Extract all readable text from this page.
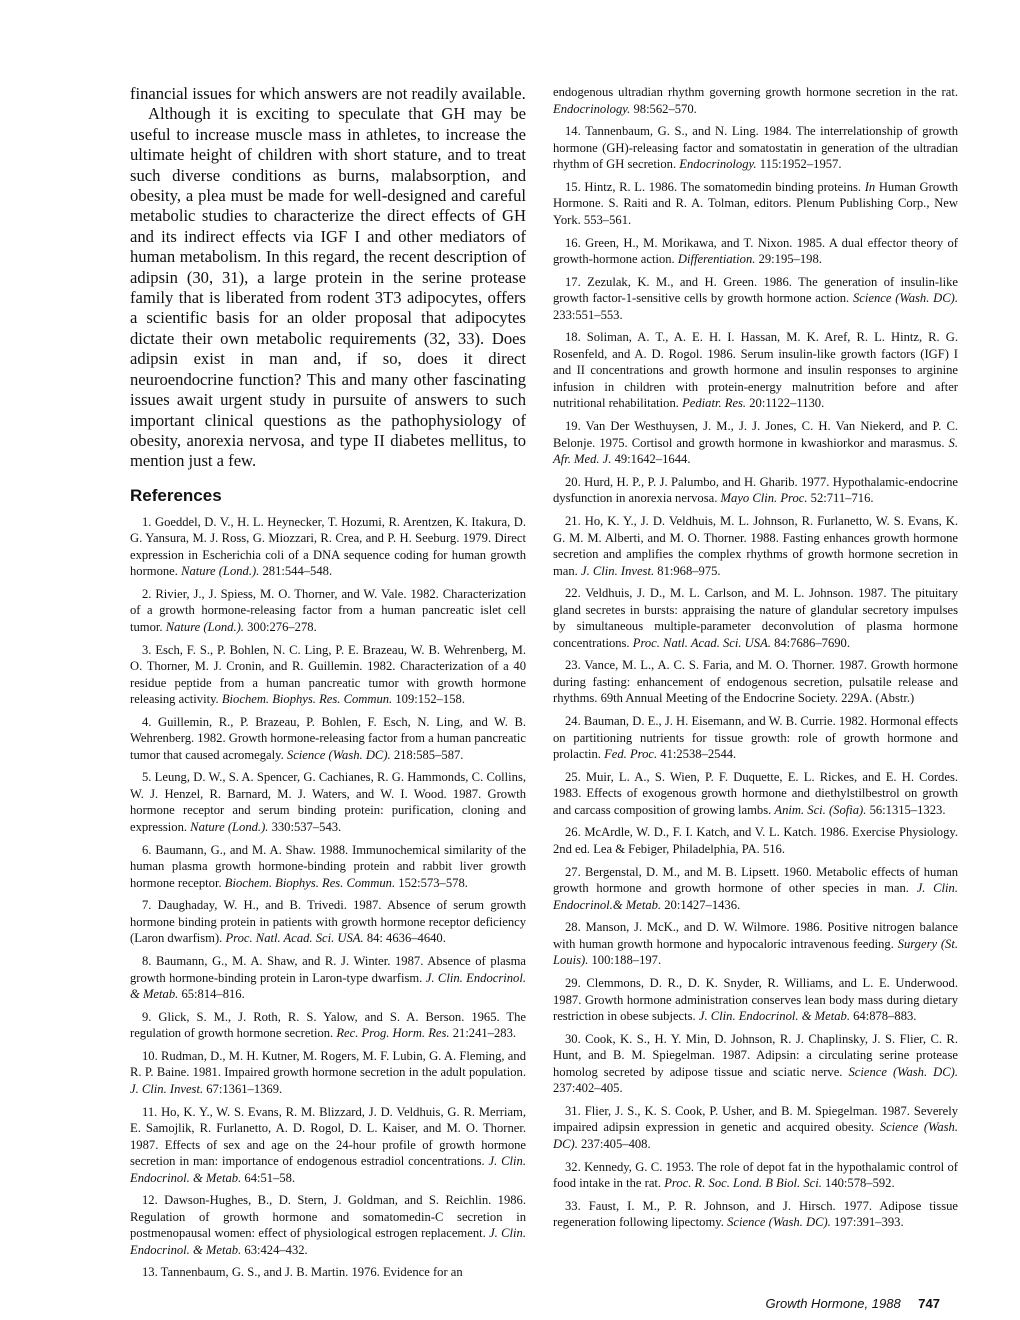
financial issues for which answers are not readily available.

Although it is exciting to speculate that GH may be useful to increase muscle mass in athletes, to increase the ultimate height of children with short stature, and to treat such diverse conditions as burns, malabsorption, and obesity, a plea must be made for well-designed and careful metabolic studies to characterize the direct effects of GH and its indirect effects via IGF I and other mediators of human metabolism. In this regard, the recent description of adipsin (30, 31), a large protein in the serine protease family that is liberated from rodent 3T3 adipocytes, offers a scientific basis for an older proposal that adipocytes dictate their own metabolic requirements (32, 33). Does adipsin exist in man and, if so, does it direct neuroendocrine function? This and many other fascinating issues await urgent study in pursuite of answers to such important clinical questions as the pathophysiology of obesity, anorexia nervosa, and type II diabetes mellitus, to mention just a few.

References

1. Goeddel, D. V., H. L. Heynecker, T. Hozumi, R. Arentzen, K. Itakura, D. G. Yansura, M. J. Ross, G. Miozzari, R. Crea, and P. H. Seeburg. 1979. Direct expression in Escherichia coli of a DNA sequence coding for human growth hormone. Nature (Lond.). 281:544–548.

2. Rivier, J., J. Spiess, M. O. Thorner, and W. Vale. 1982. Characterization of a growth hormone-releasing factor from a human pancreatic islet cell tumor. Nature (Lond.). 300:276–278.

3. Esch, F. S., P. Bohlen, N. C. Ling, P. E. Brazeau, W. B. Wehrenberg, M. O. Thorner, M. J. Cronin, and R. Guillemin. 1982. Characterization of a 40 residue peptide from a human pancreatic tumor with growth hormone releasing activity. Biochem. Biophys. Res. Commun. 109:152–158.

4. Guillemin, R., P. Brazeau, P. Bohlen, F. Esch, N. Ling, and W. B. Wehrenberg. 1982. Growth hormone-releasing factor from a human pancreatic tumor that caused acromegaly. Science (Wash. DC). 218:585–587.

5. Leung, D. W., S. A. Spencer, G. Cachianes, R. G. Hammonds, C. Collins, W. J. Henzel, R. Barnard, M. J. Waters, and W. I. Wood. 1987. Growth hormone receptor and serum binding protein: purification, cloning and expression. Nature (Lond.). 330:537–543.

6. Baumann, G., and M. A. Shaw. 1988. Immunochemical similarity of the human plasma growth hormone-binding protein and rabbit liver growth hormone receptor. Biochem. Biophys. Res. Commun. 152:573–578.

7. Daughaday, W. H., and B. Trivedi. 1987. Absence of serum growth hormone binding protein in patients with growth hormone receptor deficiency (Laron dwarfism). Proc. Natl. Acad. Sci. USA. 84: 4636–4640.

8. Baumann, G., M. A. Shaw, and R. J. Winter. 1987. Absence of plasma growth hormone-binding protein in Laron-type dwarfism. J. Clin. Endocrinol. & Metab. 65:814–816.

9. Glick, S. M., J. Roth, R. S. Yalow, and S. A. Berson. 1965. The regulation of growth hormone secretion. Rec. Prog. Horm. Res. 21:241–283.

10. Rudman, D., M. H. Kutner, M. Rogers, M. F. Lubin, G. A. Fleming, and R. P. Baine. 1981. Impaired growth hormone secretion in the adult population. J. Clin. Invest. 67:1361–1369.

11. Ho, K. Y., W. S. Evans, R. M. Blizzard, J. D. Veldhuis, G. R. Merriam, E. Samojlik, R. Furlanetto, A. D. Rogol, D. L. Kaiser, and M. O. Thorner. 1987. Effects of sex and age on the 24-hour profile of growth hormone secretion in man: importance of endogenous estradiol concentrations. J. Clin. Endocrinol. & Metab. 64:51–58.

12. Dawson-Hughes, B., D. Stern, J. Goldman, and S. Reichlin. 1986. Regulation of growth hormone and somatomedin-C secretion in postmenopausal women: effect of physiological estrogen replacement. J. Clin. Endocrinol. & Metab. 63:424–432.

13. Tannenbaum, G. S., and J. B. Martin. 1976. Evidence for an

endogenous ultradian rhythm governing growth hormone secretion in the rat. Endocrinology. 98:562–570.

14. Tannenbaum, G. S., and N. Ling. 1984. The interrelationship of growth hormone (GH)-releasing factor and somatostatin in generation of the ultradian rhythm of GH secretion. Endocrinology. 115:1952–1957.

15. Hintz, R. L. 1986. The somatomedin binding proteins. In Human Growth Hormone. S. Raiti and R. A. Tolman, editors. Plenum Publishing Corp., New York. 553–561.

16. Green, H., M. Morikawa, and T. Nixon. 1985. A dual effector theory of growth-hormone action. Differentiation. 29:195–198.

17. Zezulak, K. M., and H. Green. 1986. The generation of insulin-like growth factor-1-sensitive cells by growth hormone action. Science (Wash. DC). 233:551–553.

18. Soliman, A. T., A. E. H. I. Hassan, M. K. Aref, R. L. Hintz, R. G. Rosenfeld, and A. D. Rogol. 1986. Serum insulin-like growth factors (IGF) I and II concentrations and growth hormone and insulin responses to arginine infusion in children with protein-energy malnutrition before and after nutritional rehabilitation. Pediatr. Res. 20:1122–1130.

19. Van Der Westhuysen, J. M., J. J. Jones, C. H. Van Niekerd, and P. C. Belonje. 1975. Cortisol and growth hormone in kwashiorkor and marasmus. S. Afr. Med. J. 49:1642–1644.

20. Hurd, H. P., P. J. Palumbo, and H. Gharib. 1977. Hypothalamic-endocrine dysfunction in anorexia nervosa. Mayo Clin. Proc. 52:711–716.

21. Ho, K. Y., J. D. Veldhuis, M. L. Johnson, R. Furlanetto, W. S. Evans, K. G. M. M. Alberti, and M. O. Thorner. 1988. Fasting enhances growth hormone secretion and amplifies the complex rhythms of growth hormone secretion in man. J. Clin. Invest. 81:968–975.

22. Veldhuis, J. D., M. L. Carlson, and M. L. Johnson. 1987. The pituitary gland secretes in bursts: appraising the nature of glandular secretory impulses by simultaneous multiple-parameter deconvolution of plasma hormone concentrations. Proc. Natl. Acad. Sci. USA. 84:7686–7690.

23. Vance, M. L., A. C. S. Faria, and M. O. Thorner. 1987. Growth hormone during fasting: enhancement of endogenous secretion, pulsatile release and rhythms. 69th Annual Meeting of the Endocrine Society. 229A. (Abstr.)

24. Bauman, D. E., J. H. Eisemann, and W. B. Currie. 1982. Hormonal effects on partitioning nutrients for tissue growth: role of growth hormone and prolactin. Fed. Proc. 41:2538–2544.

25. Muir, L. A., S. Wien, P. F. Duquette, E. L. Rickes, and E. H. Cordes. 1983. Effects of exogenous growth hormone and diethylstilbestrol on growth and carcass composition of growing lambs. Anim. Sci. (Sofia). 56:1315–1323.

26. McArdle, W. D., F. I. Katch, and V. L. Katch. 1986. Exercise Physiology. 2nd ed. Lea & Febiger, Philadelphia, PA. 516.

27. Bergenstal, D. M., and M. B. Lipsett. 1960. Metabolic effects of human growth hormone and growth hormone of other species in man. J. Clin. Endocrinol.& Metab. 20:1427–1436.

28. Manson, J. McK., and D. W. Wilmore. 1986. Positive nitrogen balance with human growth hormone and hypocaloric intravenous feeding. Surgery (St. Louis). 100:188–197.

29. Clemmons, D. R., D. K. Snyder, R. Williams, and L. E. Underwood. 1987. Growth hormone administration conserves lean body mass during dietary restriction in obese subjects. J. Clin. Endocrinol. & Metab. 64:878–883.

30. Cook, K. S., H. Y. Min, D. Johnson, R. J. Chaplinsky, J. S. Flier, C. R. Hunt, and B. M. Spiegelman. 1987. Adipsin: a circulating serine protease homolog secreted by adipose tissue and sciatic nerve. Science (Wash. DC). 237:402–405.

31. Flier, J. S., K. S. Cook, P. Usher, and B. M. Spiegelman. 1987. Severely impaired adipsin expression in genetic and acquired obesity. Science (Wash. DC). 237:405–408.

32. Kennedy, G. C. 1953. The role of depot fat in the hypothalamic control of food intake in the rat. Proc. R. Soc. Lond. B Biol. Sci. 140:578–592.

33. Faust, I. M., P. R. Johnson, and J. Hirsch. 1977. Adipose tissue regeneration following lipectomy. Science (Wash. DC). 197:391–393.

Growth Hormone, 1988 747
